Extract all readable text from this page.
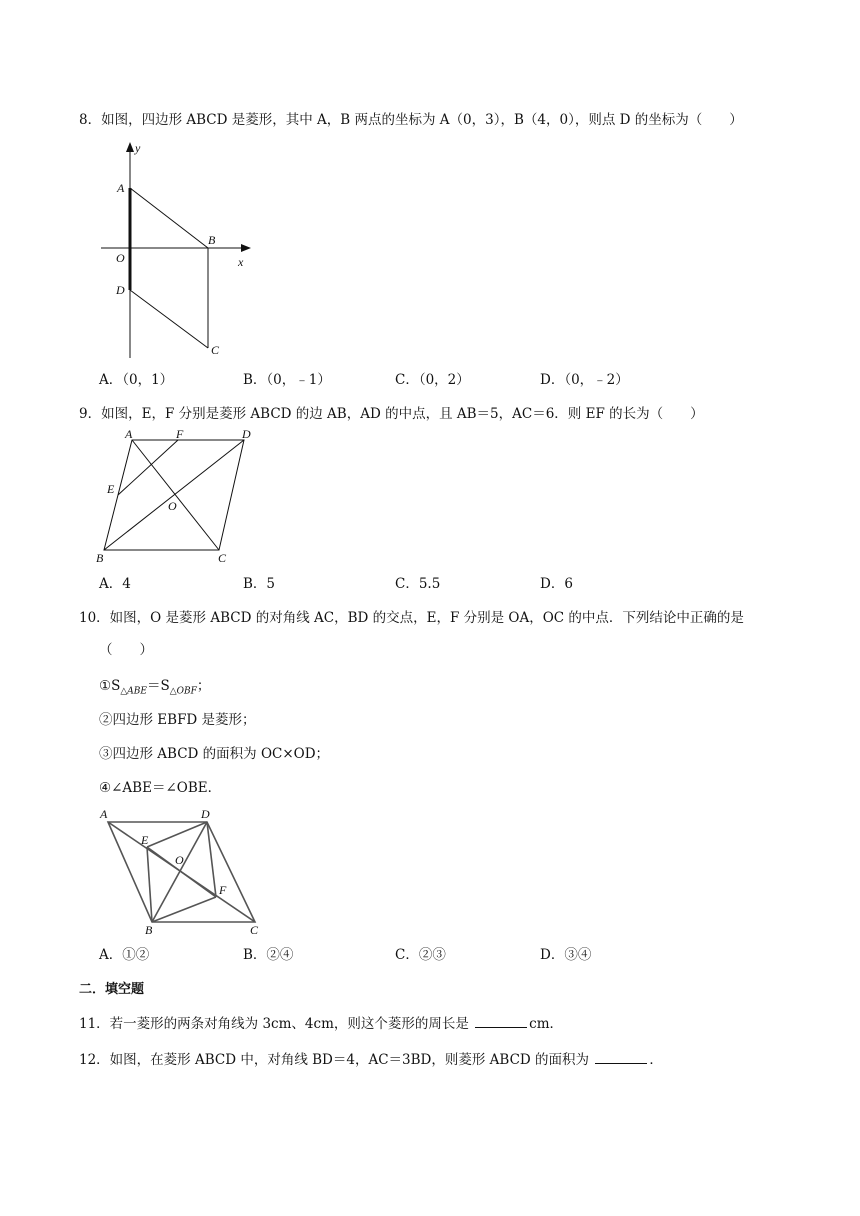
8．如图，四边形 ABCD 是菱形，其中 A，B 两点的坐标为 A（0，3），B（4，0），则点 D 的坐标为（　　）
y
x
A
B
O
D
C
A．（0，1）	B．（0，﹣1）	C．（0，2）	D．（0，﹣2）
9．如图，E，F 分别是菱形 ABCD 的边 AB，AD 的中点，且 AB＝5，AC＝6．则 EF 的长为（　　）
A	F	D
E
O
B	C
A．4	B．5	C．5.5	D．6
10．如图，O 是菱形 ABCD 的对角线 AC，BD 的交点，E，F 分别是 OA，OC 的中点．下列结论中正确的是
（　　）
$①S_{\triangle ABE}=S_{\triangle OBF}$；
②四边形 EBFD 是菱形；
③四边形 ABCD 的面积为 OC×OD；
④∠ABE＝∠OBE．
A	D
E
O
F
B	C
A．①②	B．②④	C．②③	D．③④
二．填空题
11．若一菱形的两条对角线为 3cm、4cm，则这个菱形的周长是	cm．
12．如图，在菱形 ABCD 中，对角线 BD＝4，AC＝3BD，则菱形 ABCD 的面积为	．
